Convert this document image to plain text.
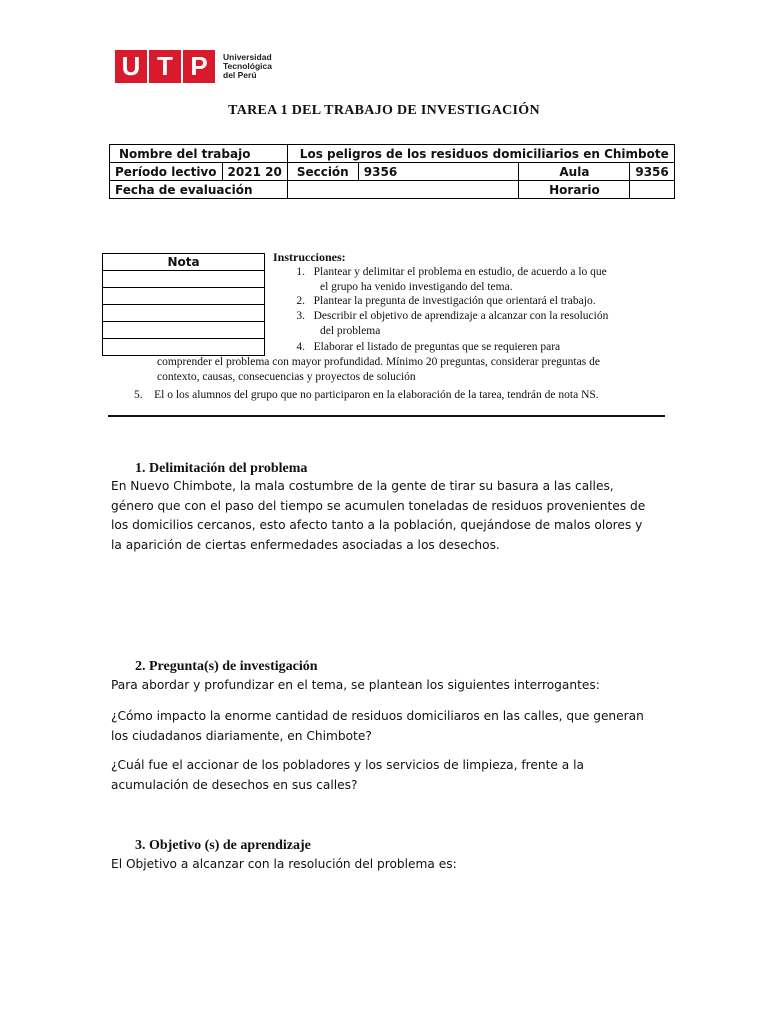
U T P	Universidad
Tecnológica
del Perú
TAREA 1 DEL TRABAJO DE INVESTIGACIÓN
Nombre del trabajo		Los peligros de los residuos domiciliarios en Chimbote			
Período lectivo	2021 20	Sección	9356	Aula	9356
Fecha de evaluación				Horario	
Nota	Instrucciones:
1. Plantear y delimitar el problema en estudio, de acuerdo a lo que
el grupo ha venido investigando del tema.
2. Plantear la pregunta de investigación que orientará el trabajo.
3. Describir el objetivo de aprendizaje a alcanzar con la resolución
del problema
4. Elaborar el listado de preguntas que se requieren para
comprender el problema con mayor profundidad. Mínimo 20 preguntas, considerar preguntas de
contexto, causas, consecuencias y proyectos de solución
5. El o los alumnos del grupo que no participaron en la elaboración de la tarea, tendrán de nota NS.
1. Delimitación del problema
En Nuevo Chimbote, la mala costumbre de la gente de tirar su basura a las calles, género que con el paso del tiempo se acumulen toneladas de residuos provenientes de los domicilios cercanos, esto afecto tanto a la población, quejándose de malos olores y la aparición de ciertas enfermedades asociadas a los desechos.
2. Pregunta(s) de investigación
Para abordar y profundizar en el tema, se plantean los siguientes interrogantes:
¿Cómo impacto la enorme cantidad de residuos domiciliaros en las calles, que generan los ciudadanos diariamente, en Chimbote?
¿Cuál fue el accionar de los pobladores y los servicios de limpieza, frente a la acumulación de desechos en sus calles?
3. Objetivo (s) de aprendizaje
El Objetivo a alcanzar con la resolución del problema es:
